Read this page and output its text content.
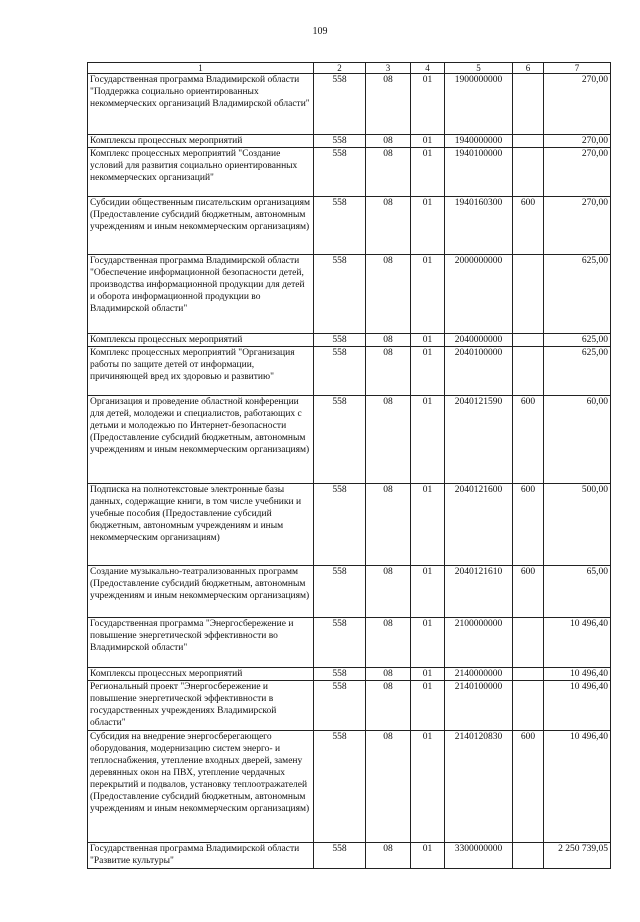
109
1	2	3	4	5	6	7
Государственная программа Владимирской области "Поддержка социально ориентированных некоммерческих организаций Владимирской области"	558	08	01	1900000000		270,00
Комплексы процессных мероприятий	558	08	01	1940000000		270,00
Комплекс процессных мероприятий "Создание условий для развития социально ориентированных некоммерческих организаций"	558	08	01	1940100000		270,00
Субсидии общественным писательским организациям (Предоставление субсидий бюджетным, автономным учреждениям и иным некоммерческим организациям)	558	08	01	1940160300	600	270,00
Государственная программа Владимирской области "Обеспечение информационной безопасности детей, производства информационной продукции для детей и оборота информационной продукции во Владимирской области"	558	08	01	2000000000		625,00
Комплексы процессных мероприятий	558	08	01	2040000000		625,00
Комплекс процессных мероприятий "Организация работы по защите детей от информации, причиняющей вред их здоровью и развитию"	558	08	01	2040100000		625,00
Организация и проведение областной конференции для детей, молодежи и специалистов, работающих с детьми и молодежью по Интернет-безопасности (Предоставление субсидий бюджетным, автономным учреждениям и иным некоммерческим организациям)	558	08	01	2040121590	600	60,00
Подписка на полнотекстовые электронные базы данных, содержащие книги, в том числе учебники и учебные пособия (Предоставление субсидий бюджетным, автономным учреждениям и иным некоммерческим организациям)	558	08	01	2040121600	600	500,00
Создание музыкально-театрализованных программ (Предоставление субсидий бюджетным, автономным учреждениям и иным некоммерческим организациям)	558	08	01	2040121610	600	65,00
Государственная программа "Энергосбережение и повышение энергетической эффективности во Владимирской области"	558	08	01	2100000000		10 496,40
Комплексы процессных мероприятий	558	08	01	2140000000		10 496,40
Региональный проект "Энергосбережение и повышение энергетической эффективности в государственных учреждениях Владимирской области"	558	08	01	2140100000		10 496,40
Субсидия на внедрение энергосберегающего оборудования, модернизацию систем энерго- и теплоснабжения, утепление входных дверей, замену деревянных окон на ПВХ, утепление чердачных перекрытий и подвалов, установку теплоотражателей (Предоставление субсидий бюджетным, автономным учреждениям и иным некоммерческим организациям)	558	08	01	2140120830	600	10 496,40
Государственная программа Владимирской области "Развитие культуры"	558	08	01	3300000000		2 250 739,05
